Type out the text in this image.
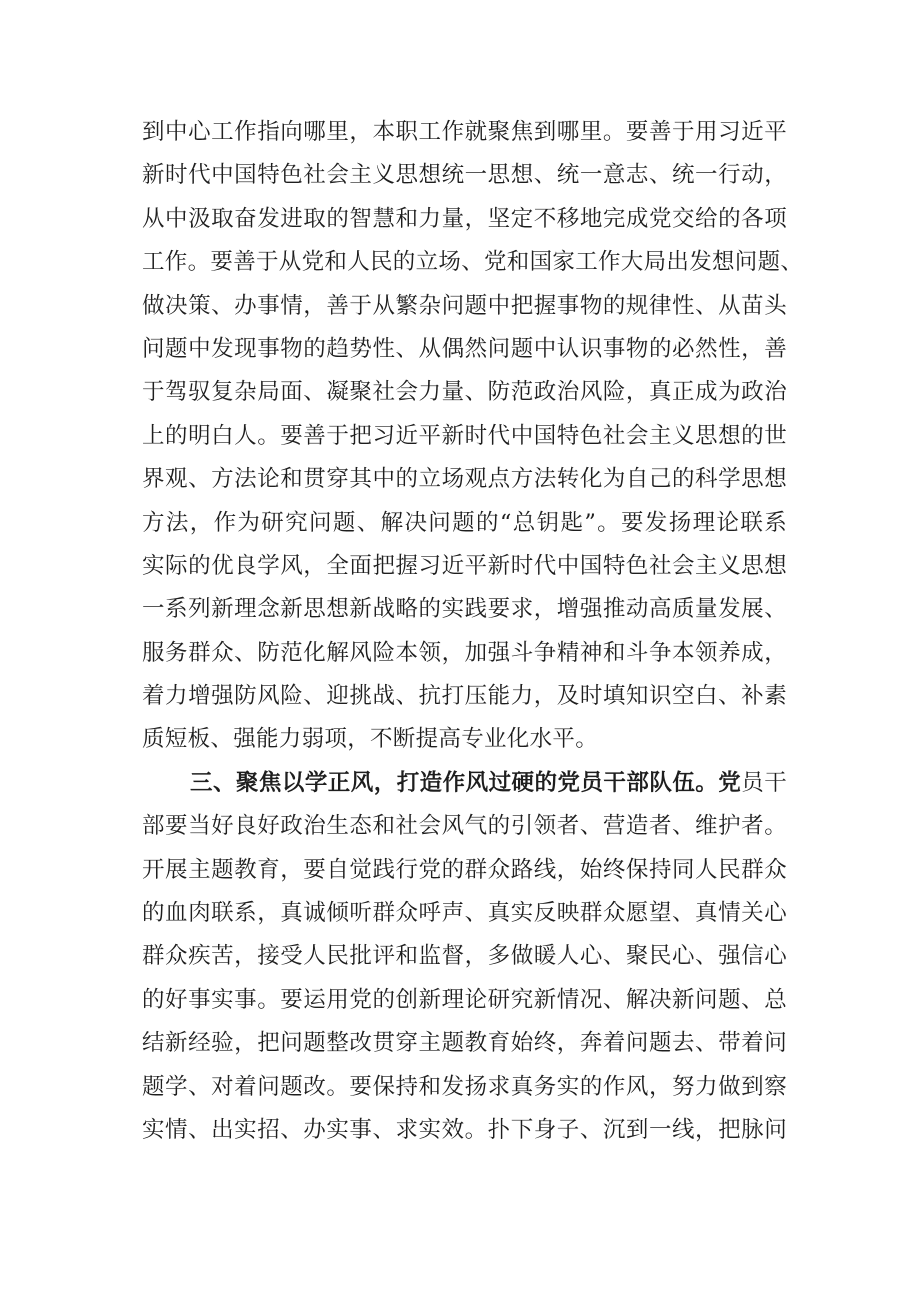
到中心工作指向哪里，本职工作就聚焦到哪里。要善于用习近平
新时代中国特色社会主义思想统一思想、统一意志、统一行动，
从中汲取奋发进取的智慧和力量，坚定不移地完成党交给的各项
工作。要善于从党和人民的立场、党和国家工作大局出发想问题、
做决策、办事情，善于从繁杂问题中把握事物的规律性、从苗头
问题中发现事物的趋势性、从偶然问题中认识事物的必然性，善
于驾驭复杂局面、凝聚社会力量、防范政治风险，真正成为政治
上的明白人。要善于把习近平新时代中国特色社会主义思想的世
界观、方法论和贯穿其中的立场观点方法转化为自己的科学思想
方法，作为研究问题、解决问题的“总钥匙”。要发扬理论联系
实际的优良学风，全面把握习近平新时代中国特色社会主义思想
一系列新理念新思想新战略的实践要求，增强推动高质量发展、
服务群众、防范化解风险本领，加强斗争精神和斗争本领养成，
着力增强防风险、迎挑战、抗打压能力，及时填知识空白、补素
质短板、强能力弱项，不断提高专业化水平。
三、聚焦以学正风，打造作风过硬的党员干部队伍。党员干
部要当好良好政治生态和社会风气的引领者、营造者、维护者。
开展主题教育，要自觉践行党的群众路线，始终保持同人民群众
的血肉联系，真诚倾听群众呼声、真实反映群众愿望、真情关心
群众疾苦，接受人民批评和监督，多做暖人心、聚民心、强信心
的好事实事。要运用党的创新理论研究新情况、解决新问题、总
结新经验，把问题整改贯穿主题教育始终，奔着问题去、带着问
题学、对着问题改。要保持和发扬求真务实的作风，努力做到察
实情、出实招、办实事、求实效。扑下身子、沉到一线，把脉问
